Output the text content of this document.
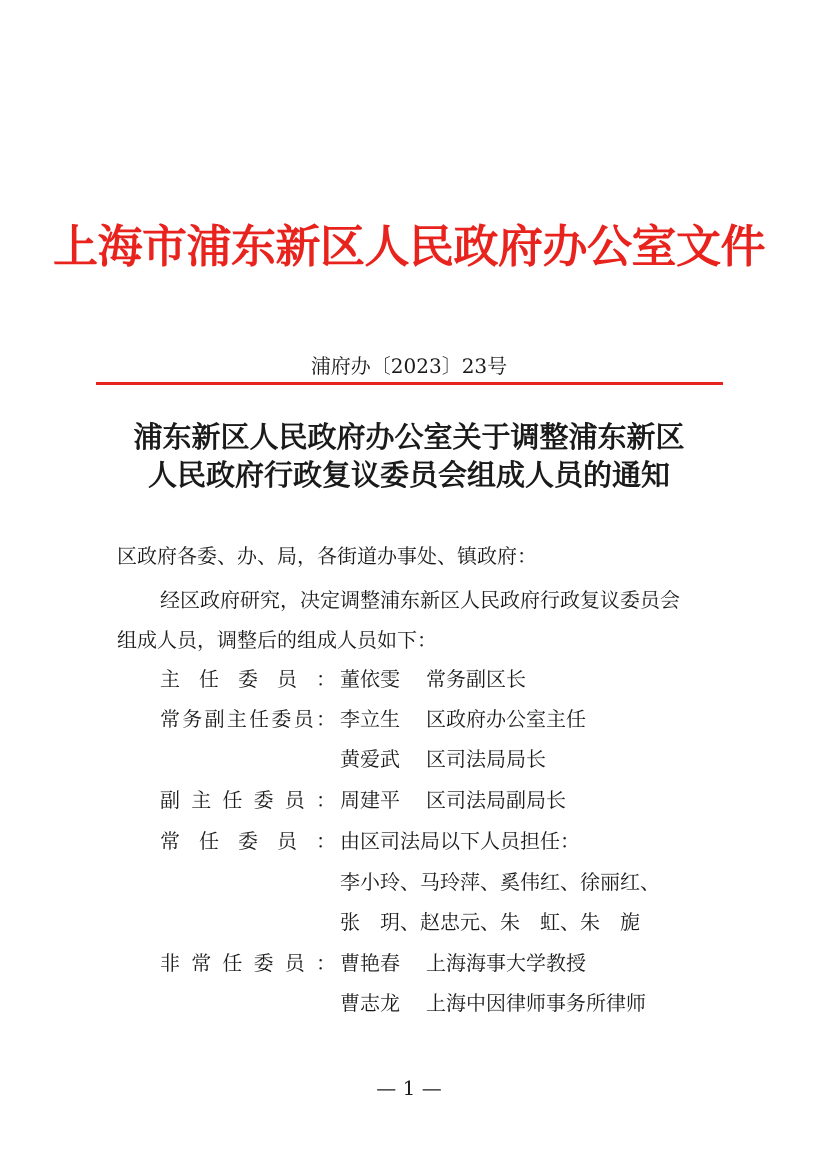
上海市浦东新区人民政府办公室文件
浦府办〔2023〕23号
浦东新区人民政府办公室关于调整浦东新区
人民政府行政复议委员会组成人员的通知
区政府各委、办、局，各街道办事处、镇政府：
经区政府研究，决定调整浦东新区人民政府行政复议委员会
组成人员，调整后的组成人员如下：
主任委员： 董依雯 常务副区长
常务副主任委员： 李立生 区政府办公室主任
黄爱武 区司法局局长
副主任委员： 周建平 区司法局副局长
常任委员： 由区司法局以下人员担任：
李小玲、马玲萍、奚伟红、徐丽红、
张　玥、赵忠元、朱　虹、朱　旎
非常任委员： 曹艳春 上海海事大学教授
曹志龙 上海中因律师事务所律师
— 1 —
